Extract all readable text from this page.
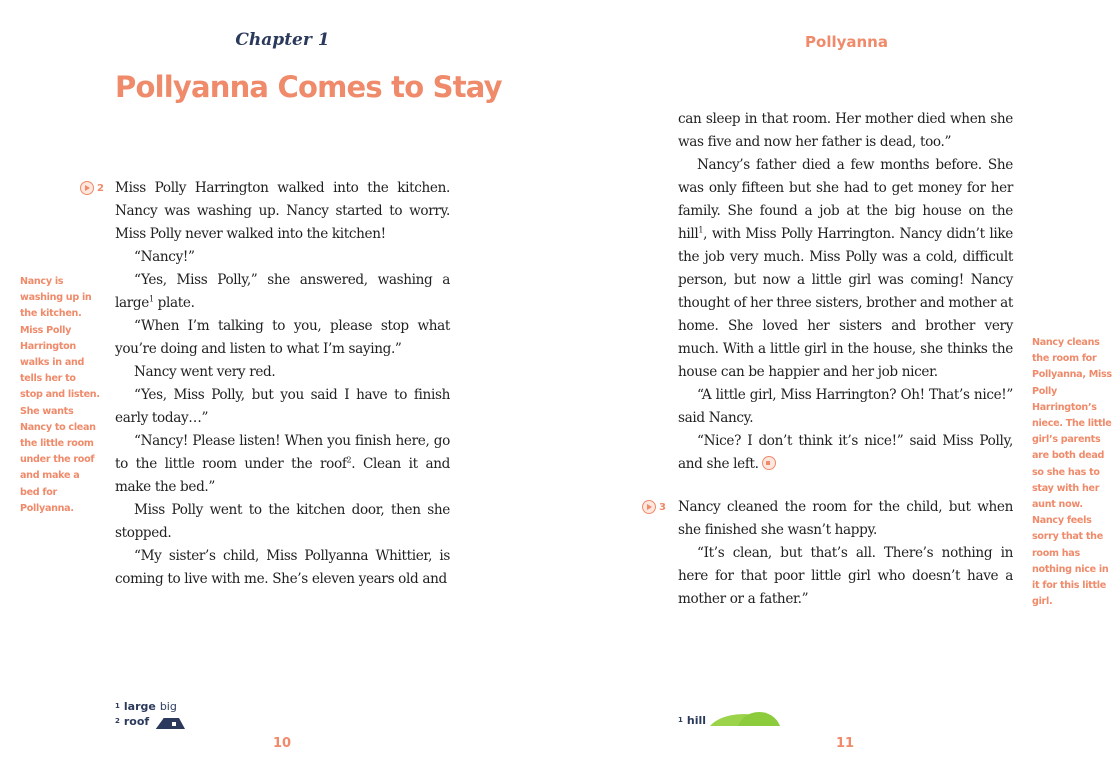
Chapter 1
Pollyanna Comes to Stay
2 Miss Polly Harrington walked into the kitchen. Nancy was washing up. Nancy started to worry. Miss Polly never walked into the kitchen!

“Nancy!”

“Yes, Miss Polly,” she answered, washing a large$^1$ plate.

“When I’m talking to you, please stop what you’re doing and listen to what I’m saying.”

Nancy went very red.

“Yes, Miss Polly, but you said I have to finish early today…”

“Nancy! Please listen! When you finish here, go to the little room under the roof$^2$. Clean it and make the bed.”

Miss Polly went to the kitchen door, then she stopped.

“My sister’s child, Miss Pollyanna Whittier, is coming to live with me. She’s eleven years old and

Nancy is washing up in the kitchen. Miss Polly Harrington walks in and tells her to stop and listen. She wants Nancy to clean the little room under the roof and make a bed for Pollyanna.
1 large big
2 roof
10
Pollyanna

can sleep in that room. Her mother died when she was five and now her father is dead, too.”

Nancy’s father died a few months before. She was only fifteen but she had to get money for her family. She found a job at the big house on the hill$^1$, with Miss Polly Harrington. Nancy didn’t like the job very much. Miss Polly was a cold, difficult person, but now a little girl was coming! Nancy thought of her three sisters, brother and mother at home. She loved her sisters and brother very much. With a little girl in the house, she thinks the house can be happier and her job nicer.

“A little girl, Miss Harrington? Oh! That’s nice!” said Nancy.

“Nice? I don’t think it’s nice!” said Miss Polly, and she left.

3 Nancy cleaned the room for the child, but when she finished she wasn’t happy.

“It’s clean, but that’s all. There’s nothing in here for that poor little girl who doesn’t have a mother or a father.”

Nancy cleans the room for Pollyanna, Miss Polly Harrington’s niece. The little girl’s parents are both dead so she has to stay with her aunt now. Nancy feels sorry that the room has nothing nice in it for this little girl.
1 hill
11
